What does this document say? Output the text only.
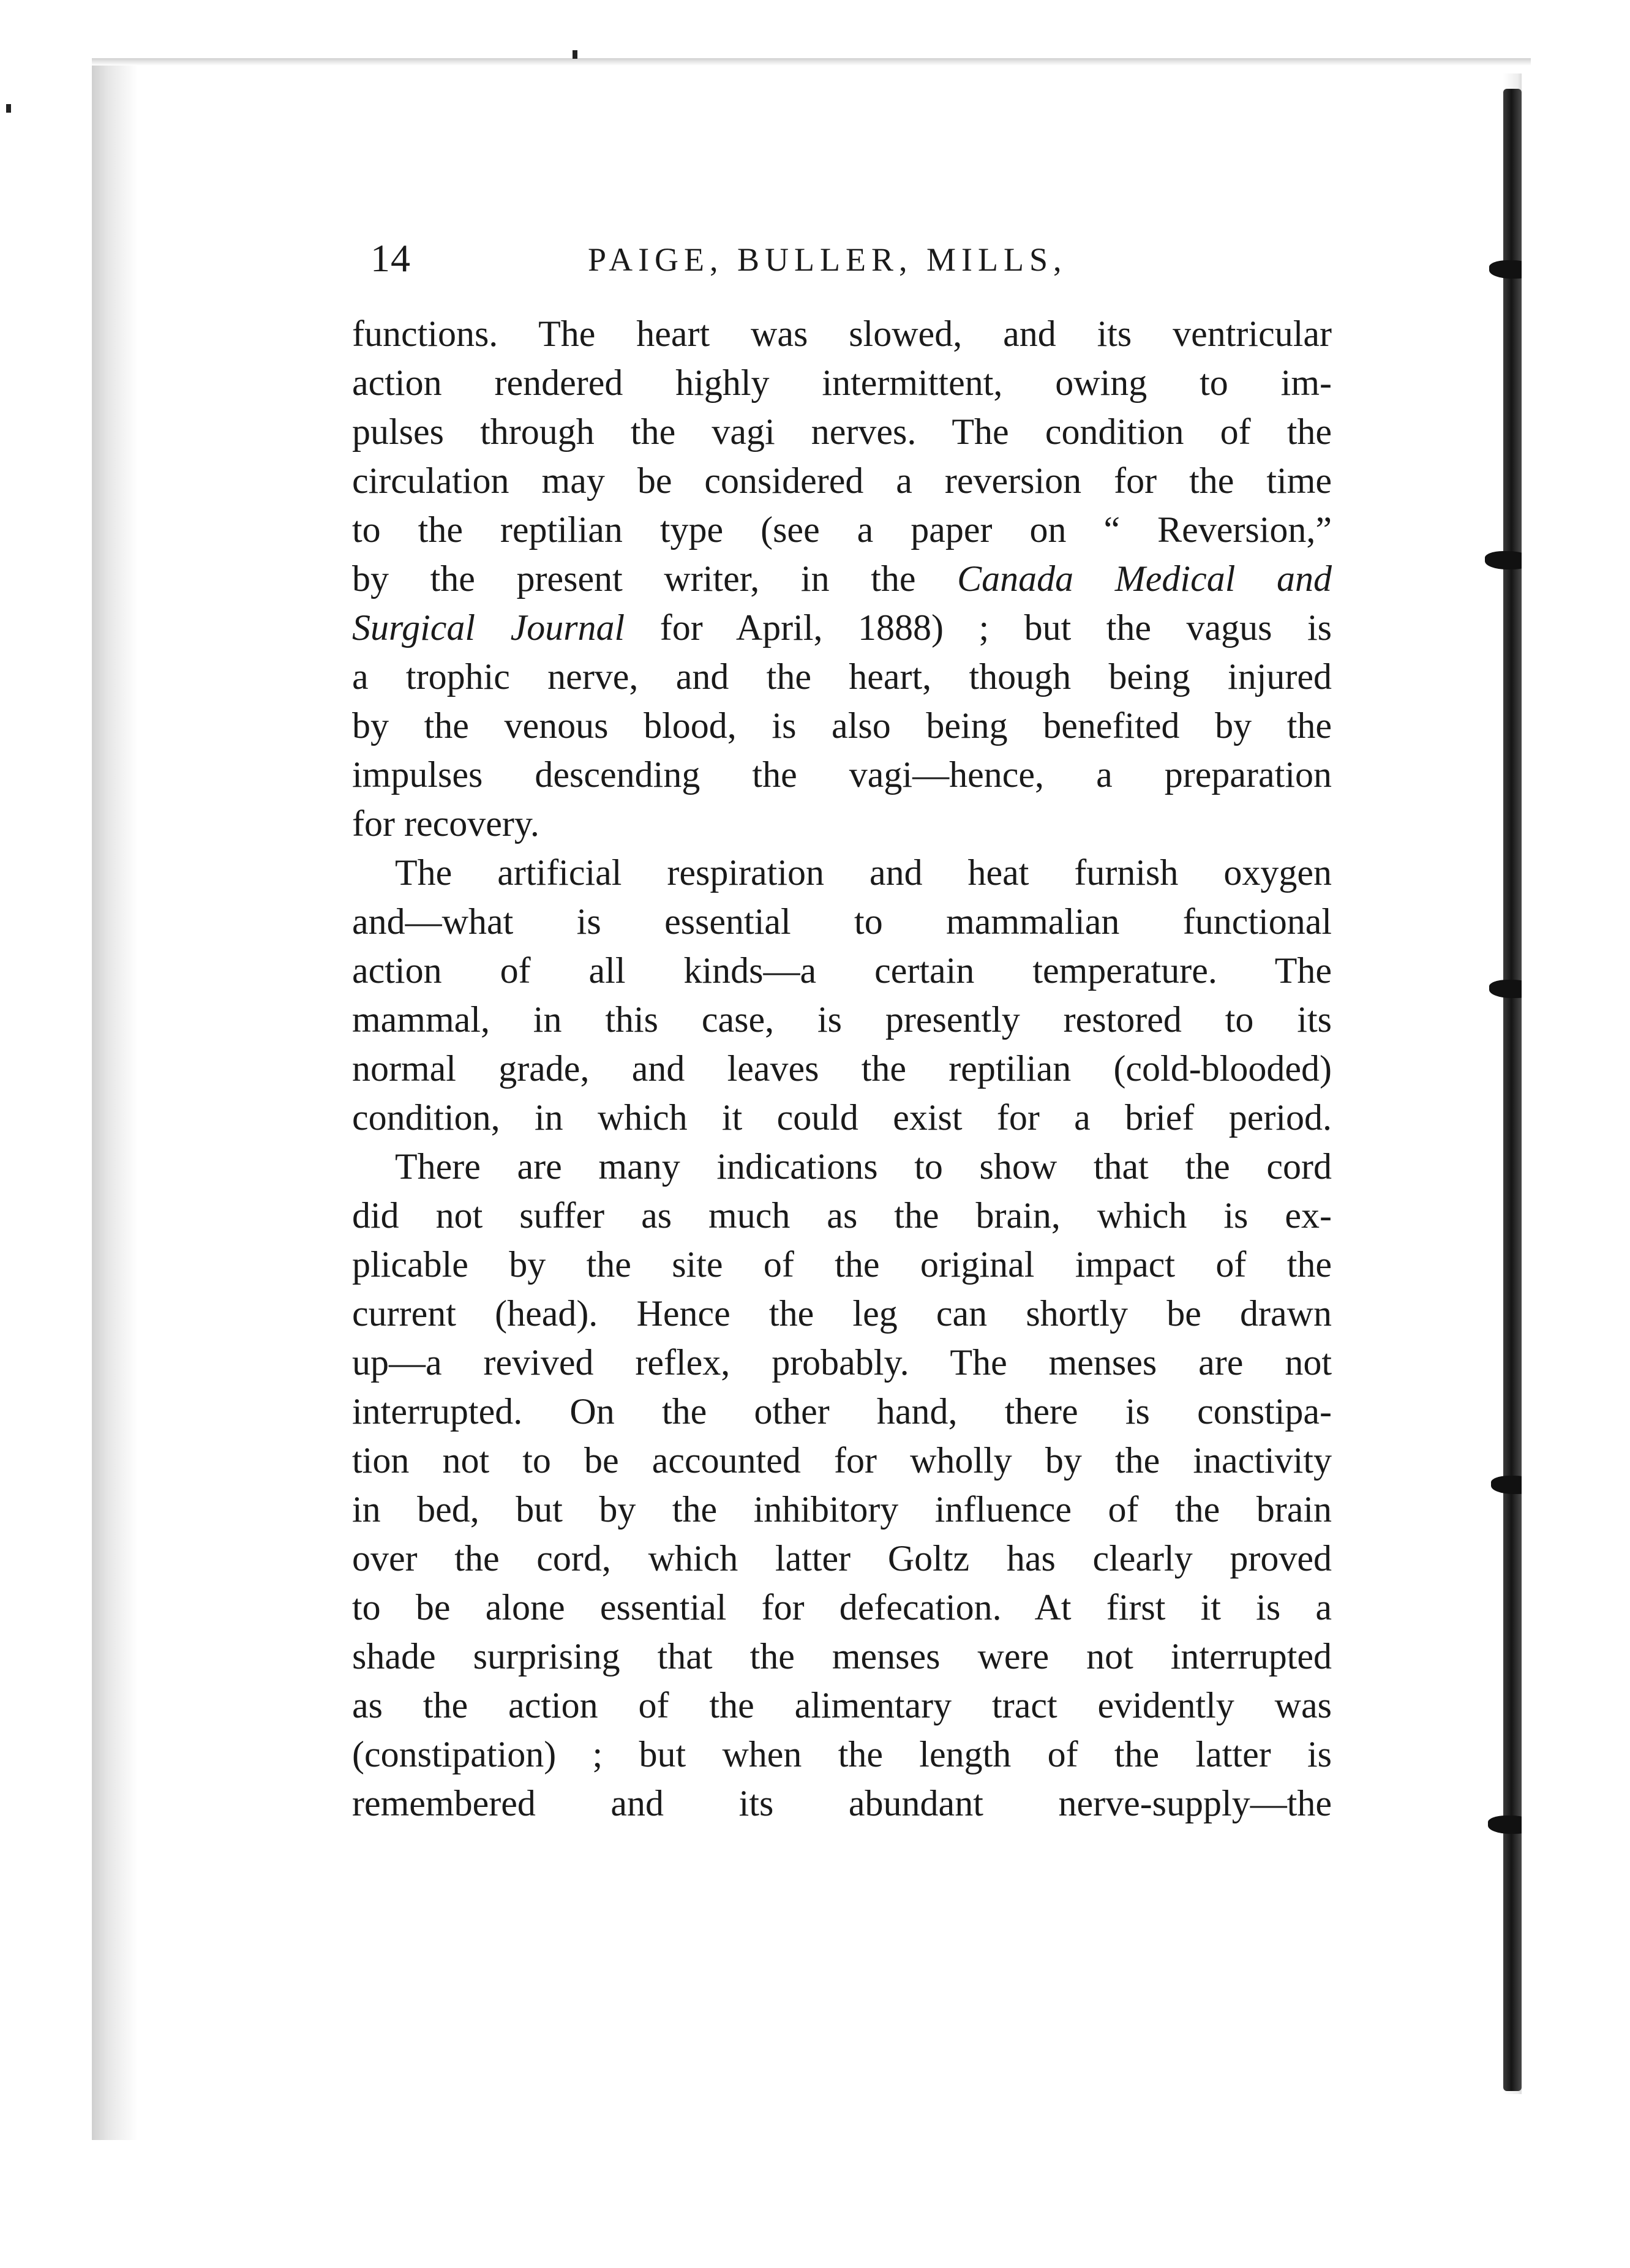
14	PAIGE, BULLER, MILLS,
functions. The heart was slowed, and its ventricular
action rendered highly intermittent, owing to im-
pulses through the vagi nerves. The condition of the
circulation may be considered a reversion for the time
to the reptilian type (see a paper on “ Reversion,”
by the present writer, in the Canada Medical and
Surgical Journal for April, 1888) ; but the vagus is
a trophic nerve, and the heart, though being injured
by the venous blood, is also being benefited by the
impulses descending the vagi—hence, a preparation
for recovery.
The artificial respiration and heat furnish oxygen
and—what is essential to mammalian functional
action of all kinds—a certain temperature. The
mammal, in this case, is presently restored to its
normal grade, and leaves the reptilian (cold-blooded)
condition, in which it could exist for a brief period.
There are many indications to show that the cord
did not suffer as much as the brain, which is ex-
plicable by the site of the original impact of the
current (head). Hence the leg can shortly be drawn
up—a revived reflex, probably. The menses are not
interrupted. On the other hand, there is constipa-
tion not to be accounted for wholly by the inactivity
in bed, but by the inhibitory influence of the brain
over the cord, which latter Goltz has clearly proved
to be alone essential for defecation. At first it is a
shade surprising that the menses were not interrupted
as the action of the alimentary tract evidently was
(constipation) ; but when the length of the latter is
remembered and its abundant nerve-supply—the
